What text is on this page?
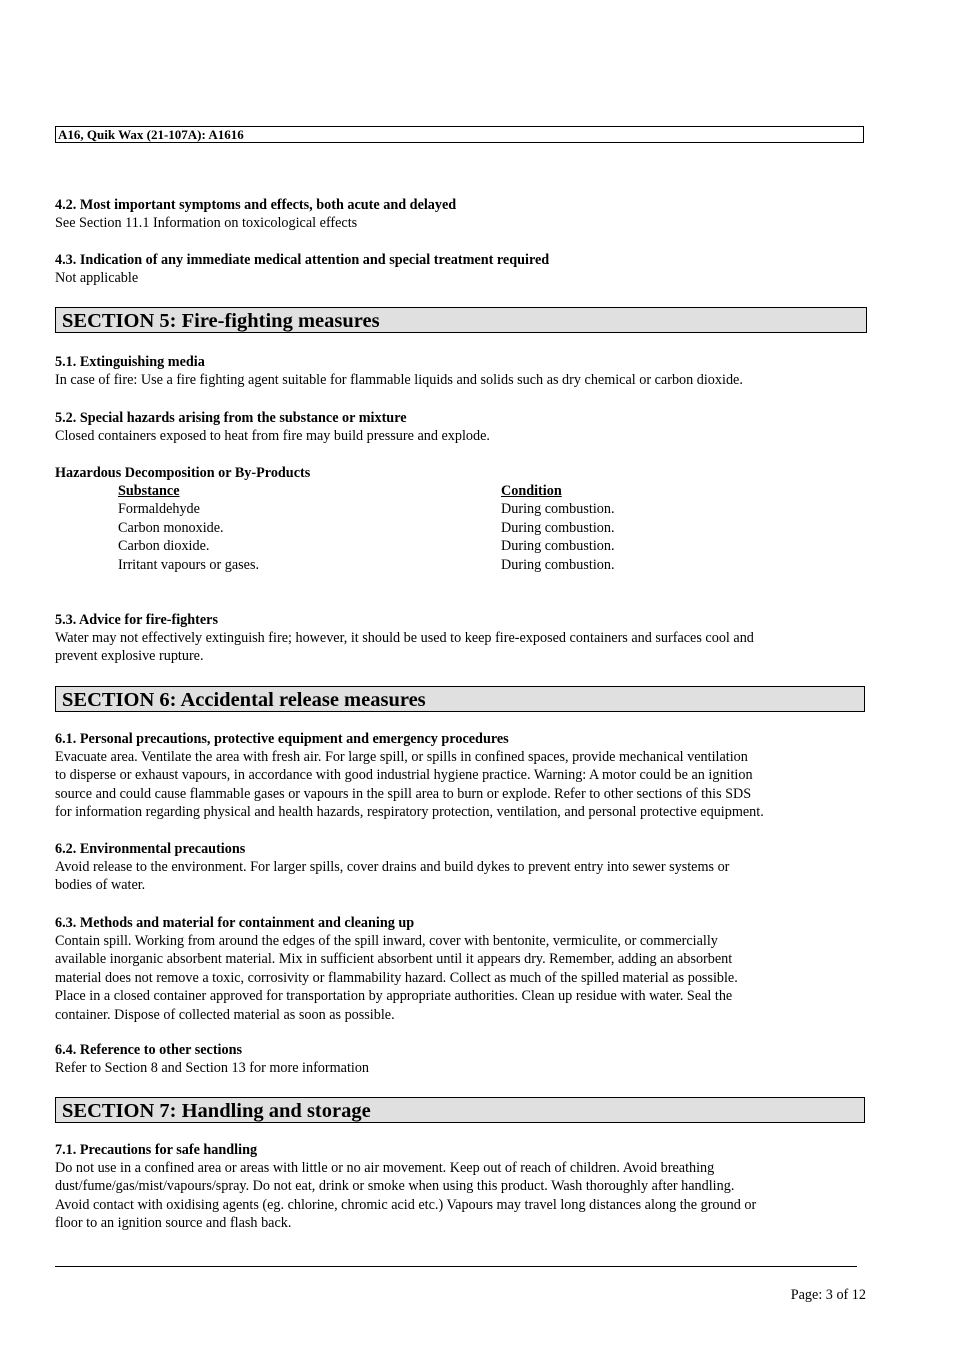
A16, Quik Wax (21-107A): A1616
4.2. Most important symptoms and effects, both acute and delayed
See Section 11.1 Information on toxicological effects
4.3. Indication of any immediate medical attention and special treatment required
Not applicable
SECTION 5: Fire-fighting measures
5.1. Extinguishing media
In case of fire: Use a fire fighting agent suitable for flammable liquids and solids such as dry chemical or carbon dioxide.
5.2. Special hazards arising from the substance or mixture
Closed containers exposed to heat from fire may build pressure and explode.
Hazardous Decomposition or By-Products
Substance	Condition
Formaldehyde	During combustion.
Carbon monoxide.	During combustion.
Carbon dioxide.	During combustion.
Irritant vapours or gases.	During combustion.
5.3. Advice for fire-fighters
Water may not effectively extinguish fire; however, it should be used to keep fire-exposed containers and surfaces cool and
prevent explosive rupture.
SECTION 6: Accidental release measures
6.1. Personal precautions, protective equipment and emergency procedures
Evacuate area. Ventilate the area with fresh air. For large spill, or spills in confined spaces, provide mechanical ventilation
to disperse or exhaust vapours, in accordance with good industrial hygiene practice. Warning: A motor could be an ignition
source and could cause flammable gases or vapours in the spill area to burn or explode. Refer to other sections of this SDS
for information regarding physical and health hazards, respiratory protection, ventilation, and personal protective equipment.
6.2. Environmental precautions
Avoid release to the environment. For larger spills, cover drains and build dykes to prevent entry into sewer systems or
bodies of water.
6.3. Methods and material for containment and cleaning up
Contain spill. Working from around the edges of the spill inward, cover with bentonite, vermiculite, or commercially
available inorganic absorbent material. Mix in sufficient absorbent until it appears dry. Remember, adding an absorbent
material does not remove a toxic, corrosivity or flammability hazard. Collect as much of the spilled material as possible.
Place in a closed container approved for transportation by appropriate authorities. Clean up residue with water. Seal the
container. Dispose of collected material as soon as possible.
6.4. Reference to other sections
Refer to Section 8 and Section 13 for more information
SECTION 7: Handling and storage
7.1. Precautions for safe handling
Do not use in a confined area or areas with little or no air movement. Keep out of reach of children. Avoid breathing
dust/fume/gas/mist/vapours/spray. Do not eat, drink or smoke when using this product. Wash thoroughly after handling.
Avoid contact with oxidising agents (eg. chlorine, chromic acid etc.) Vapours may travel long distances along the ground or
floor to an ignition source and flash back.
Page: 3 of 12
